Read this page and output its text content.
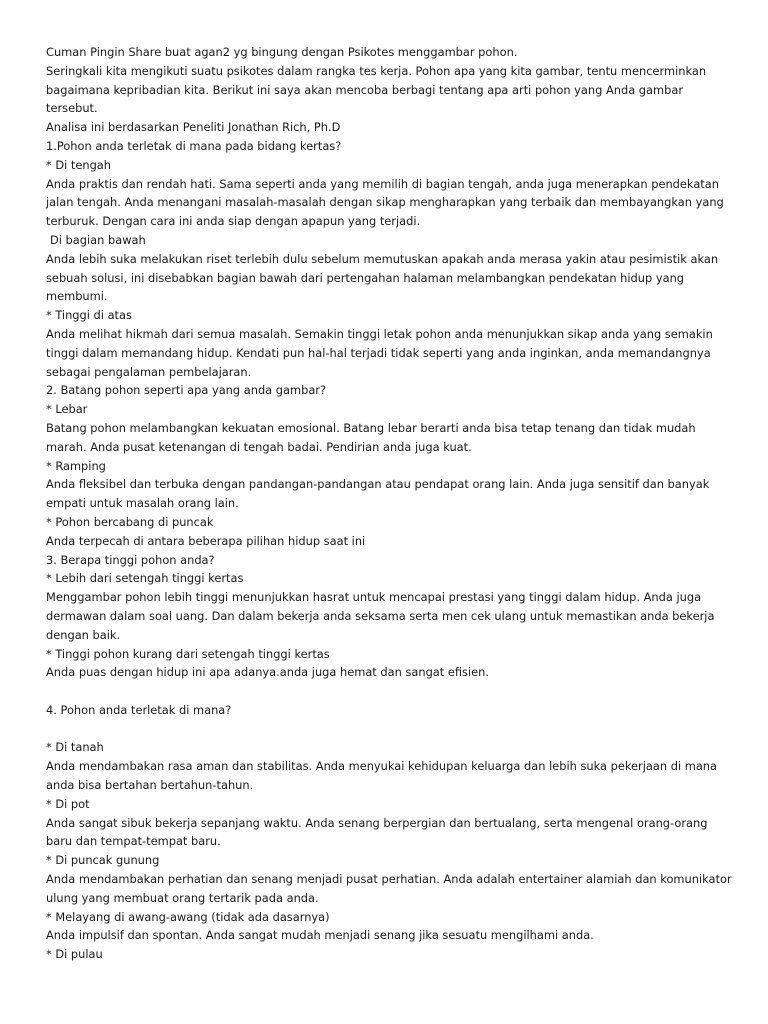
Cuman Pingin Share buat agan2 yg bingung dengan Psikotes menggambar pohon.

Seringkali kita mengikuti suatu psikotes dalam rangka tes kerja. Pohon apa yang kita gambar, tentu mencerminkan bagaimana kepribadian kita. Berikut ini saya akan mencoba berbagi tentang apa arti pohon yang Anda gambar tersebut.

Analisa ini berdasarkan Peneliti Jonathan Rich, Ph.D

1.Pohon anda terletak di mana pada bidang kertas?

* Di tengah

Anda praktis dan rendah hati. Sama seperti anda yang memilih di bagian tengah, anda juga menerapkan pendekatan jalan tengah. Anda menangani masalah-masalah dengan sikap mengharapkan yang terbaik dan membayangkan yang terburuk. Dengan cara ini anda siap dengan apapun yang terjadi.

Di bagian bawah

Anda lebih suka melakukan riset terlebih dulu sebelum memutuskan apakah anda merasa yakin atau pesimistik akan sebuah solusi, ini disebabkan bagian bawah dari pertengahan halaman melambangkan pendekatan hidup yang membumi.

* Tinggi di atas

Anda melihat hikmah dari semua masalah. Semakin tinggi letak pohon anda menunjukkan sikap anda yang semakin tinggi dalam memandang hidup. Kendati pun hal-hal terjadi tidak seperti yang anda inginkan, anda memandangnya sebagai pengalaman pembelajaran.

2. Batang pohon seperti apa yang anda gambar?

* Lebar

Batang pohon melambangkan kekuatan emosional. Batang lebar berarti anda bisa tetap tenang dan tidak mudah marah. Anda pusat ketenangan di tengah badai. Pendirian anda juga kuat.

* Ramping

Anda fleksibel dan terbuka dengan pandangan-pandangan atau pendapat orang lain. Anda juga sensitif dan banyak empati untuk masalah orang lain.

* Pohon bercabang di puncak

Anda terpecah di antara beberapa pilihan hidup saat ini

3. Berapa tinggi pohon anda?

* Lebih dari setengah tinggi kertas

Menggambar pohon lebih tinggi menunjukkan hasrat untuk mencapai prestasi yang tinggi dalam hidup. Anda juga dermawan dalam soal uang. Dan dalam bekerja anda seksama serta men cek ulang untuk memastikan anda bekerja dengan baik.

* Tinggi pohon kurang dari setengah tinggi kertas

Anda puas dengan hidup ini apa adanya.anda juga hemat dan sangat efisien.

4. Pohon anda terletak di mana?

* Di tanah

Anda mendambakan rasa aman dan stabilitas. Anda menyukai kehidupan keluarga dan lebih suka pekerjaan di mana anda bisa bertahan bertahun-tahun.

* Di pot

Anda sangat sibuk bekerja sepanjang waktu. Anda senang berpergian dan bertualang, serta mengenal orang-orang baru dan tempat-tempat baru.

* Di puncak gunung

Anda mendambakan perhatian dan senang menjadi pusat perhatian. Anda adalah entertainer alamiah dan komunikator ulung yang membuat orang tertarik pada anda.

* Melayang di awang-awang (tidak ada dasarnya)

Anda impulsif dan spontan. Anda sangat mudah menjadi senang jika sesuatu mengilhami anda.

* Di pulau
